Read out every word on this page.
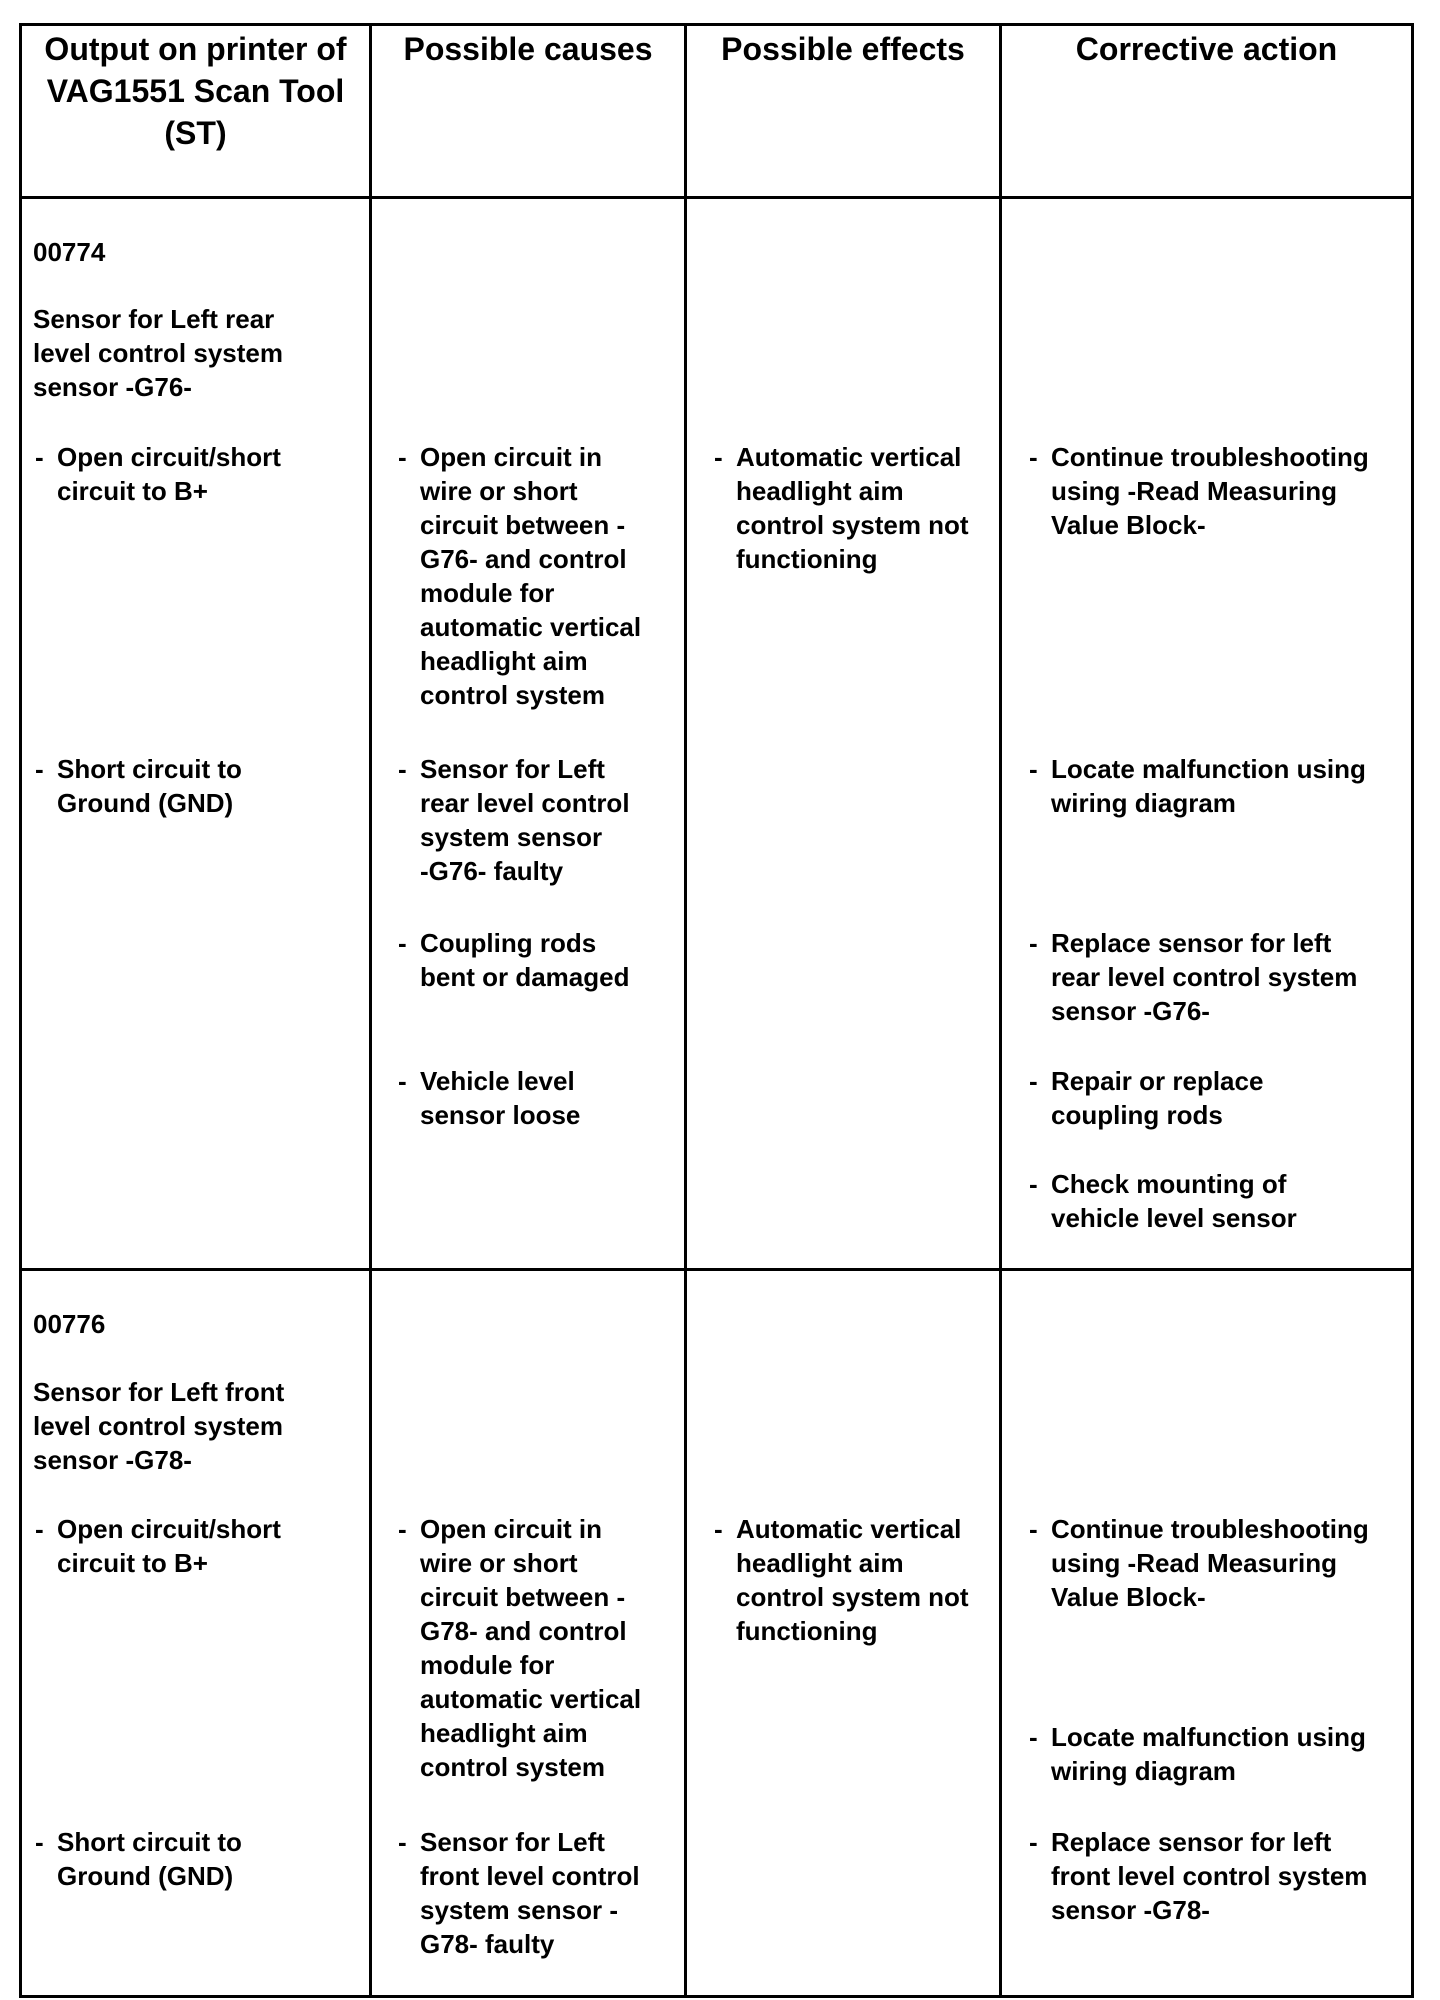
Output on printer of
VAG1551 Scan Tool
(ST)
Possible causes	Possible effects	Corrective action
00774
Sensor for Left rear
level control system
sensor -G76-
- Open circuit/short
circuit to B+
- Short circuit to
Ground (GND)
- Open circuit in
wire or short
circuit between -
G76- and control
module for
automatic vertical
headlight aim
control system
- Sensor for Left
rear level control
system sensor
-G76- faulty
- Coupling rods
bent or damaged
- Vehicle level
sensor loose
- Automatic vertical
headlight aim
control system not
functioning
- Continue troubleshooting
using -Read Measuring
Value Block-
- Locate malfunction using
wiring diagram
- Replace sensor for left
rear level control system
sensor -G76-
- Repair or replace
coupling rods
- Check mounting of
vehicle level sensor
00776
Sensor for Left front
level control system
sensor -G78-
- Open circuit/short
circuit to B+
- Short circuit to
Ground (GND)
- Open circuit in
wire or short
circuit between -
G78- and control
module for
automatic vertical
headlight aim
control system
- Sensor for Left
front level control
system sensor -
G78- faulty
- Automatic vertical
headlight aim
control system not
functioning
- Continue troubleshooting
using -Read Measuring
Value Block-
- Locate malfunction using
wiring diagram
- Replace sensor for left
front level control system
sensor -G78-
